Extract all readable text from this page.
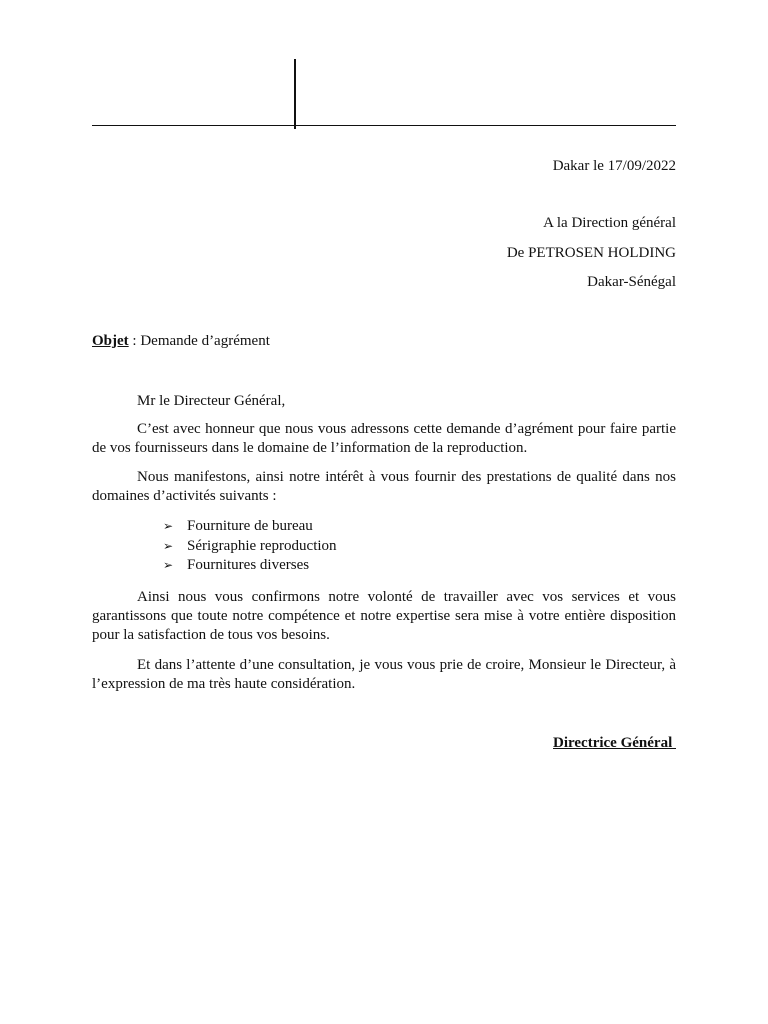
Dakar le 17/09/2022
A la Direction général
De PETROSEN HOLDING
Dakar-Sénégal
Objet : Demande d’agrément
Mr le Directeur Général,

C’est avec honneur que nous vous adressons cette demande d’agrément pour faire partie de vos fournisseurs dans le domaine de l’information de la reproduction.

Nous manifestons, ainsi notre intérêt à vous fournir des prestations de qualité dans nos domaines d’activités suivants :

➢ Fourniture de bureau
➢ Sérigraphie reproduction
➢ Fournitures diverses

Ainsi nous vous confirmons notre volonté de travailler avec vos services et vous garantissons que toute notre compétence et notre expertise sera mise à votre entière disposition pour la satisfaction de tous vos besoins.

Et dans l’attente d’une consultation, je vous vous prie de croire, Monsieur le Directeur, à l’expression de ma très haute considération.

Directrice Général
